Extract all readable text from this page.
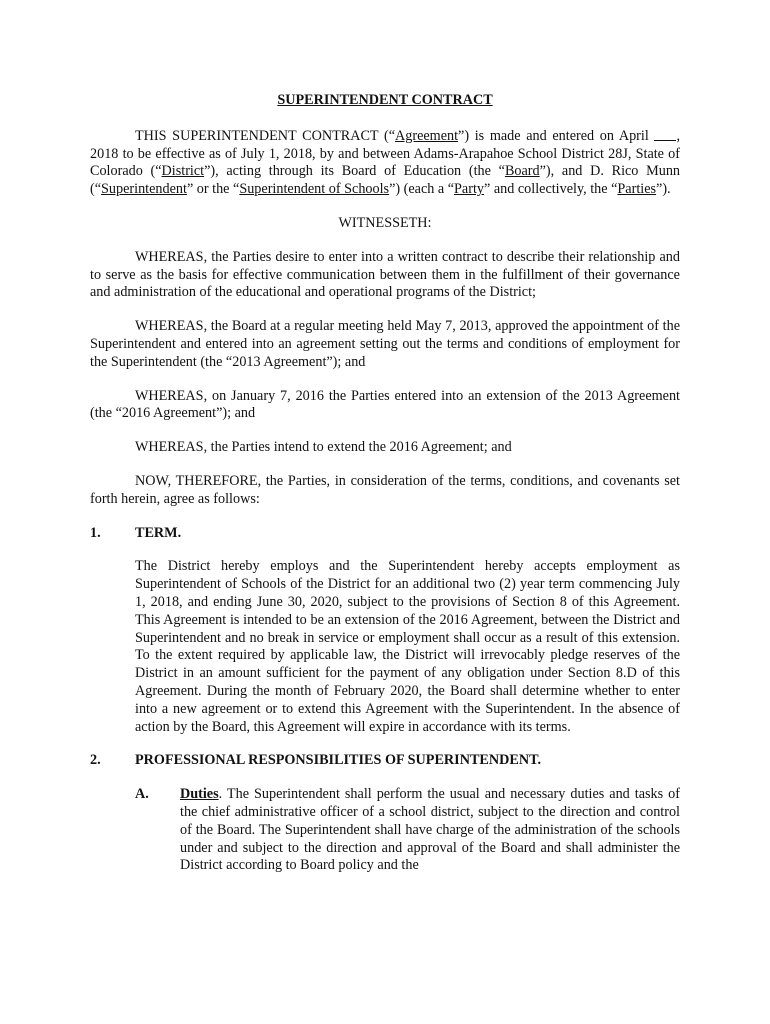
SUPERINTENDENT CONTRACT

THIS SUPERINTENDENT CONTRACT (“Agreement”) is made and entered on April , 2018 to be effective as of July 1, 2018, by and between Adams-Arapahoe School District 28J, State of Colorado (“District”), acting through its Board of Education (the “Board”), and D. Rico Munn (“Superintendent” or the “Superintendent of Schools”) (each a “Party” and collectively, the “Parties”).

WITNESSETH:

WHEREAS, the Parties desire to enter into a written contract to describe their relationship and to serve as the basis for effective communication between them in the fulfillment of their governance and administration of the educational and operational programs of the District;

WHEREAS, the Board at a regular meeting held May 7, 2013, approved the appointment of the Superintendent and entered into an agreement setting out the terms and conditions of employment for the Superintendent (the “2013 Agreement”); and

WHEREAS, on January 7, 2016 the Parties entered into an extension of the 2013 Agreement (the “2016 Agreement”); and

WHEREAS, the Parties intend to extend the 2016 Agreement; and

NOW, THEREFORE, the Parties, in consideration of the terms, conditions, and covenants set forth herein, agree as follows:

1.	TERM.

The District hereby employs and the Superintendent hereby accepts employment as Superintendent of Schools of the District for an additional two (2) year term commencing July 1, 2018, and ending June 30, 2020, subject to the provisions of Section 8 of this Agreement. This Agreement is intended to be an extension of the 2016 Agreement, between the District and Superintendent and no break in service or employment shall occur as a result of this extension. To the extent required by applicable law, the District will irrevocably pledge reserves of the District in an amount sufficient for the payment of any obligation under Section 8.D of this Agreement. During the month of February 2020, the Board shall determine whether to enter into a new agreement or to extend this Agreement with the Superintendent. In the absence of action by the Board, this Agreement will expire in accordance with its terms.

2.	PROFESSIONAL RESPONSIBILITIES OF SUPERINTENDENT.
A.	Duties. The Superintendent shall perform the usual and necessary duties and tasks of the chief administrative officer of a school district, subject to the direction and control of the Board. The Superintendent shall have charge of the administration of the schools under and subject to the direction and approval of the Board and shall administer the District according to Board policy and the
